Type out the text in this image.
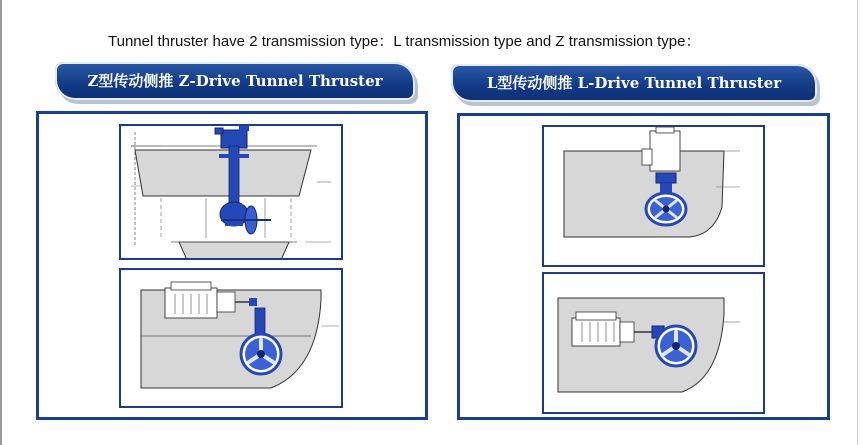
Tunnel thruster have 2 transmission type：L transmission type and Z transmission type：
Z型传动侧推 Z-Drive Tunnel Thruster	L型传动侧推 L-Drive Tunnel Thruster
